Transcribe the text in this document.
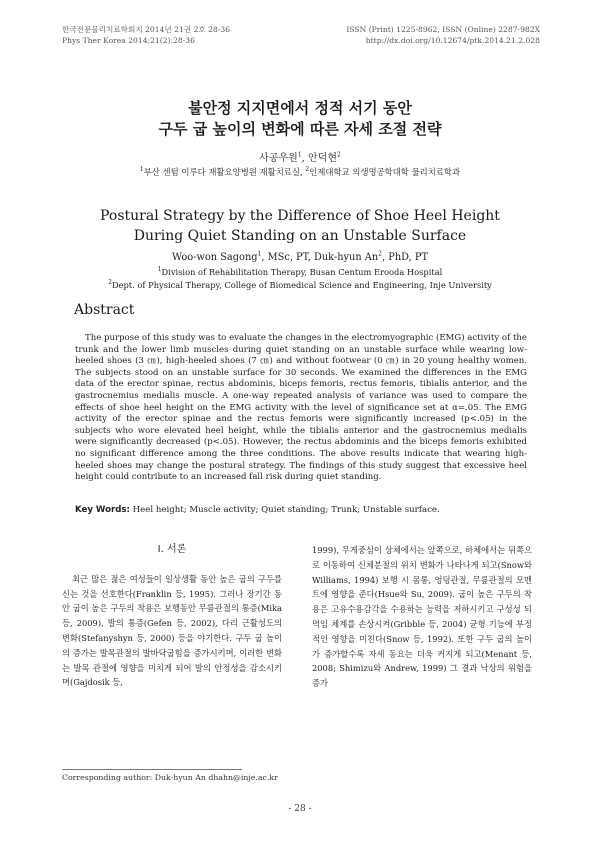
한국전문물리치료학회지 2014년 21권 2호 28-36
Phys Ther Korea 2014;21(2):28-36
ISSN (Print) 1225-8962, ISSN (Online) 2287-982X
http://dx.doi.org/10.12674/ptk.2014.21.2.028
불안정 지지면에서 정적 서기 동안
구두 굽 높이의 변화에 따른 자세 조절 전략
사공우원$^1$, 안덕현$^2$
$^1$부산 센텀 이루다 재활요양병원 재활치료실, $^2$인제대학교 의생명공학대학 물리치료학과
Postural Strategy by the Difference of Shoe Heel Height
During Quiet Standing on an Unstable Surface
Woo-won Sagong$^1$, MSc, PT, Duk-hyun An$^2$, PhD, PT
$^1$Division of Rehabilitation Therapy, Busan Centum Erooda Hospital
$^2$Dept. of Physical Therapy, College of Biomedical Science and Engineering, Inje University
Abstract
The purpose of this study was to evaluate the changes in the electromyographic (EMG) activity of the trunk and the lower limb muscles during quiet standing on an unstable surface while wearing low-heeled shoes (3 ㎝), high-heeled shoes (7 ㎝) and without footwear (0 ㎝) in 20 young healthy women. The subjects stood on an unstable surface for 30 seconds. We examined the differences in the EMG data of the erector spinae, rectus abdominis, biceps femoris, rectus femoris, tibialis anterior, and the gastrocnemius medialis muscle. A one-way repeated analysis of variance was used to compare the effects of shoe heel height on the EMG activity with the level of significance set at α=.05. The EMG activity of the erector spinae and the rectus femoris were significantly increased (p<.05) in the subjects who wore elevated heel height, while the tibialis anterior and the gastrocnemius medialis were significantly decreased (p<.05). However, the rectus abdominis and the biceps femoris exhibited no significant difference among the three conditions. The above results indicate that wearing high-heeled shoes may change the postural strategy. The findings of this study suggest that excessive heel height could contribute to an increased fall risk during quiet standing.
Key Words: Heel height; Muscle activity; Quiet standing; Trunk; Unstable surface.
Ⅰ. 서론

최근 많은 젊은 여성들이 일상생활 동안 높은 굽의 구두를 신는 것을 선호한다(Franklin 등, 1995). 그러나 장기간 동안 굽이 높은 구두의 착용은 보행동안 무릎관절의 통증(Mika 등, 2009), 발의 통증(Gefen 등, 2002), 다리 근활성도의 변화(Stefanyshyn 등, 2000) 등을 야기한다. 구두 굽 높이의 증가는 발목관절의 발바닥굽힘을 증가시키며, 이러한 변화는 발목 관절에 영향을 미치게 되어 발의 안정성을 감소시키며(Gajdosik 등,

1999), 무게중심이 상체에서는 앞쪽으로, 하체에서는 뒤쪽으로 이동하여 신체분절의 위치 변화가 나타나게 되고(Snow와 Williams, 1994) 보행 시 몸통, 엉덩관절, 무릎관절의 모멘트에 영향을 준다(Hsue와 Su, 2009). 굽이 높은 구두의 착용은 고유수용감각을 수용하는 능력을 저하시키고 구성성 되먹임 체계를 손상시켜(Gribble 등, 2004) 균형 기능에 부정적인 영향을 미친다(Snow 등, 1992). 또한 구두 굽의 높이가 증가할수록 자세 동요는 더욱 커지게 되고(Menant 등, 2008; Shimizu와 Andrew, 1999) 그 결과 낙상의 위험을 증가

Corresponding author: Duk-hyun An dhahn@inje.ac.kr
- 28 -
